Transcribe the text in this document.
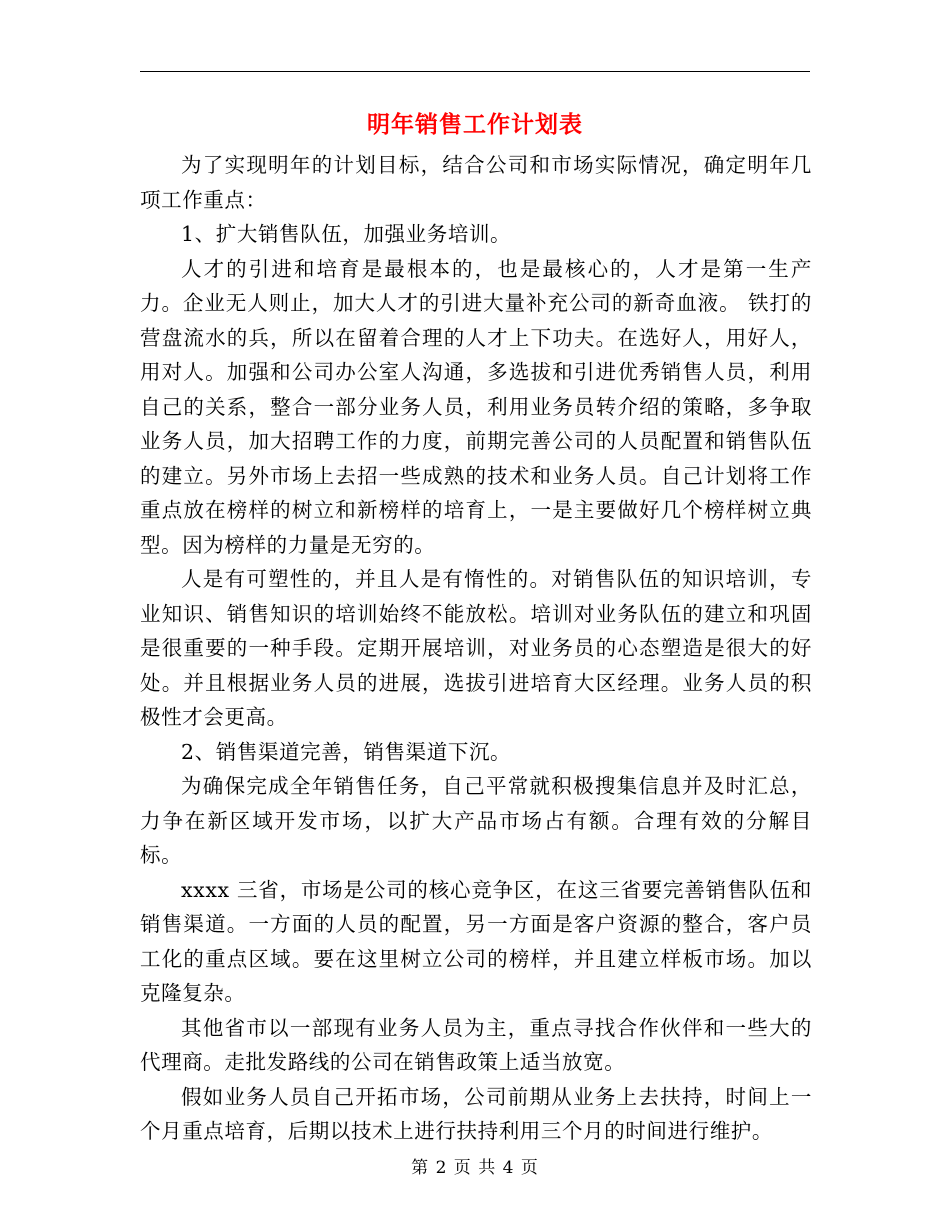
明年销售工作计划表

为了实现明年的计划目标，结合公司和市场实际情况，确定明年几项工作重点：

1、扩大销售队伍，加强业务培训。

人才的引进和培育是最根本的，也是最核心的，人才是第一生产力。企业无人则止，加大人才的引进大量补充公司的新奇血液。 铁打的营盘流水的兵，所以在留着合理的人才上下功夫。在选好人，用好人，用对人。加强和公司办公室人沟通，多选拔和引进优秀销售人员，利用自己的关系，整合一部分业务人员，利用业务员转介绍的策略，多争取业务人员，加大招聘工作的力度，前期完善公司的人员配置和销售队伍的建立。另外市场上去招一些成熟的技术和业务人员。自己计划将工作重点放在榜样的树立和新榜样的培育上，一是主要做好几个榜样树立典型。因为榜样的力量是无穷的。

人是有可塑性的，并且人是有惰性的。对销售队伍的知识培训，专业知识、销售知识的培训始终不能放松。培训对业务队伍的建立和巩固是很重要的一种手段。定期开展培训，对业务员的心态塑造是很大的好处。并且根据业务人员的进展，选拔引进培育大区经理。业务人员的积极性才会更高。

2、销售渠道完善，销售渠道下沉。

为确保完成全年销售任务，自己平常就积极搜集信息并及时汇总，力争在新区域开发市场，以扩大产品市场占有额。合理有效的分解目标。

xxxx 三省，市场是公司的核心竞争区，在这三省要完善销售队伍和销售渠道。一方面的人员的配置，另一方面是客户资源的整合，客户员工化的重点区域。要在这里树立公司的榜样，并且建立样板市场。加以克隆复杂。

其他省市以一部现有业务人员为主，重点寻找合作伙伴和一些大的代理商。走批发路线的公司在销售政策上适当放宽。

假如业务人员自己开拓市场，公司前期从业务上去扶持，时间上一个月重点培育，后期以技术上进行扶持利用三个月的时间进行维护。

第 2 页 共 4 页
